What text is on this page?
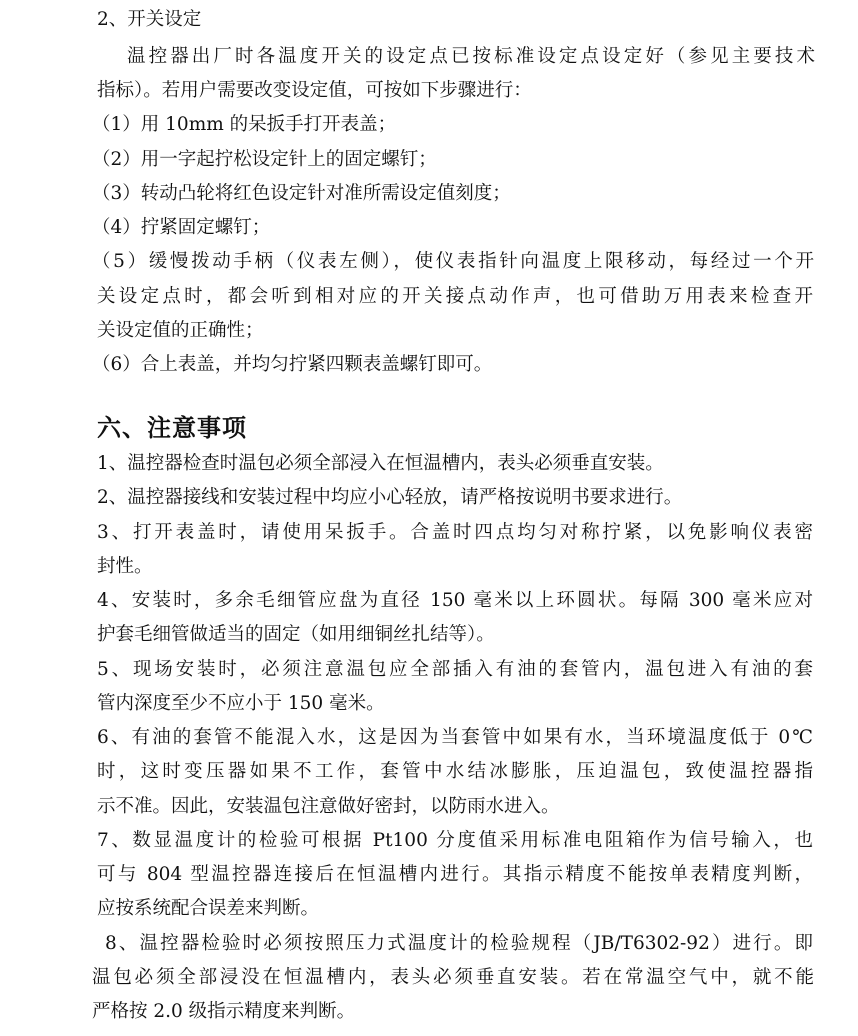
2、开关设定
温控器出厂时各温度开关的设定点已按标准设定点设定好（参见主要技术
指标）。若用户需要改变设定值，可按如下步骤进行：
（1）用 10mm 的呆扳手打开表盖；
（2）用一字起拧松设定针上的固定螺钉；
（3）转动凸轮将红色设定针对准所需设定值刻度；
（4）拧紧固定螺钉；
（5）缓慢拨动手柄（仪表左侧），使仪表指针向温度上限移动，每经过一个开
关设定点时，都会听到相对应的开关接点动作声，也可借助万用表来检查开
关设定值的正确性；
（6）合上表盖，并均匀拧紧四颗表盖螺钉即可。
六、注意事项
1、温控器检查时温包必须全部浸入在恒温槽内，表头必须垂直安装。
2、温控器接线和安装过程中均应小心轻放，请严格按说明书要求进行。
3、打开表盖时，请使用呆扳手。合盖时四点均匀对称拧紧，以免影响仪表密
封性。
4、安装时，多余毛细管应盘为直径 150 毫米以上环圆状。每隔 300 毫米应对
护套毛细管做适当的固定（如用细铜丝扎结等）。
5、现场安装时，必须注意温包应全部插入有油的套管内，温包进入有油的套
管内深度至少不应小于 150 毫米。
6、有油的套管不能混入水，这是因为当套管中如果有水，当环境温度低于 0℃
时，这时变压器如果不工作，套管中水结冰膨胀，压迫温包，致使温控器指
示不准。因此，安装温包注意做好密封，以防雨水进入。
7、数显温度计的检验可根据 Pt100 分度值采用标准电阻箱作为信号输入，也
可与 804 型温控器连接后在恒温槽内进行。其指示精度不能按单表精度判断，
应按系统配合误差来判断。
8、温控器检验时必须按照压力式温度计的检验规程（JB/T6302-92）进行。即
温包必须全部浸没在恒温槽内，表头必须垂直安装。若在常温空气中，就不能
严格按 2.0 级指示精度来判断。
